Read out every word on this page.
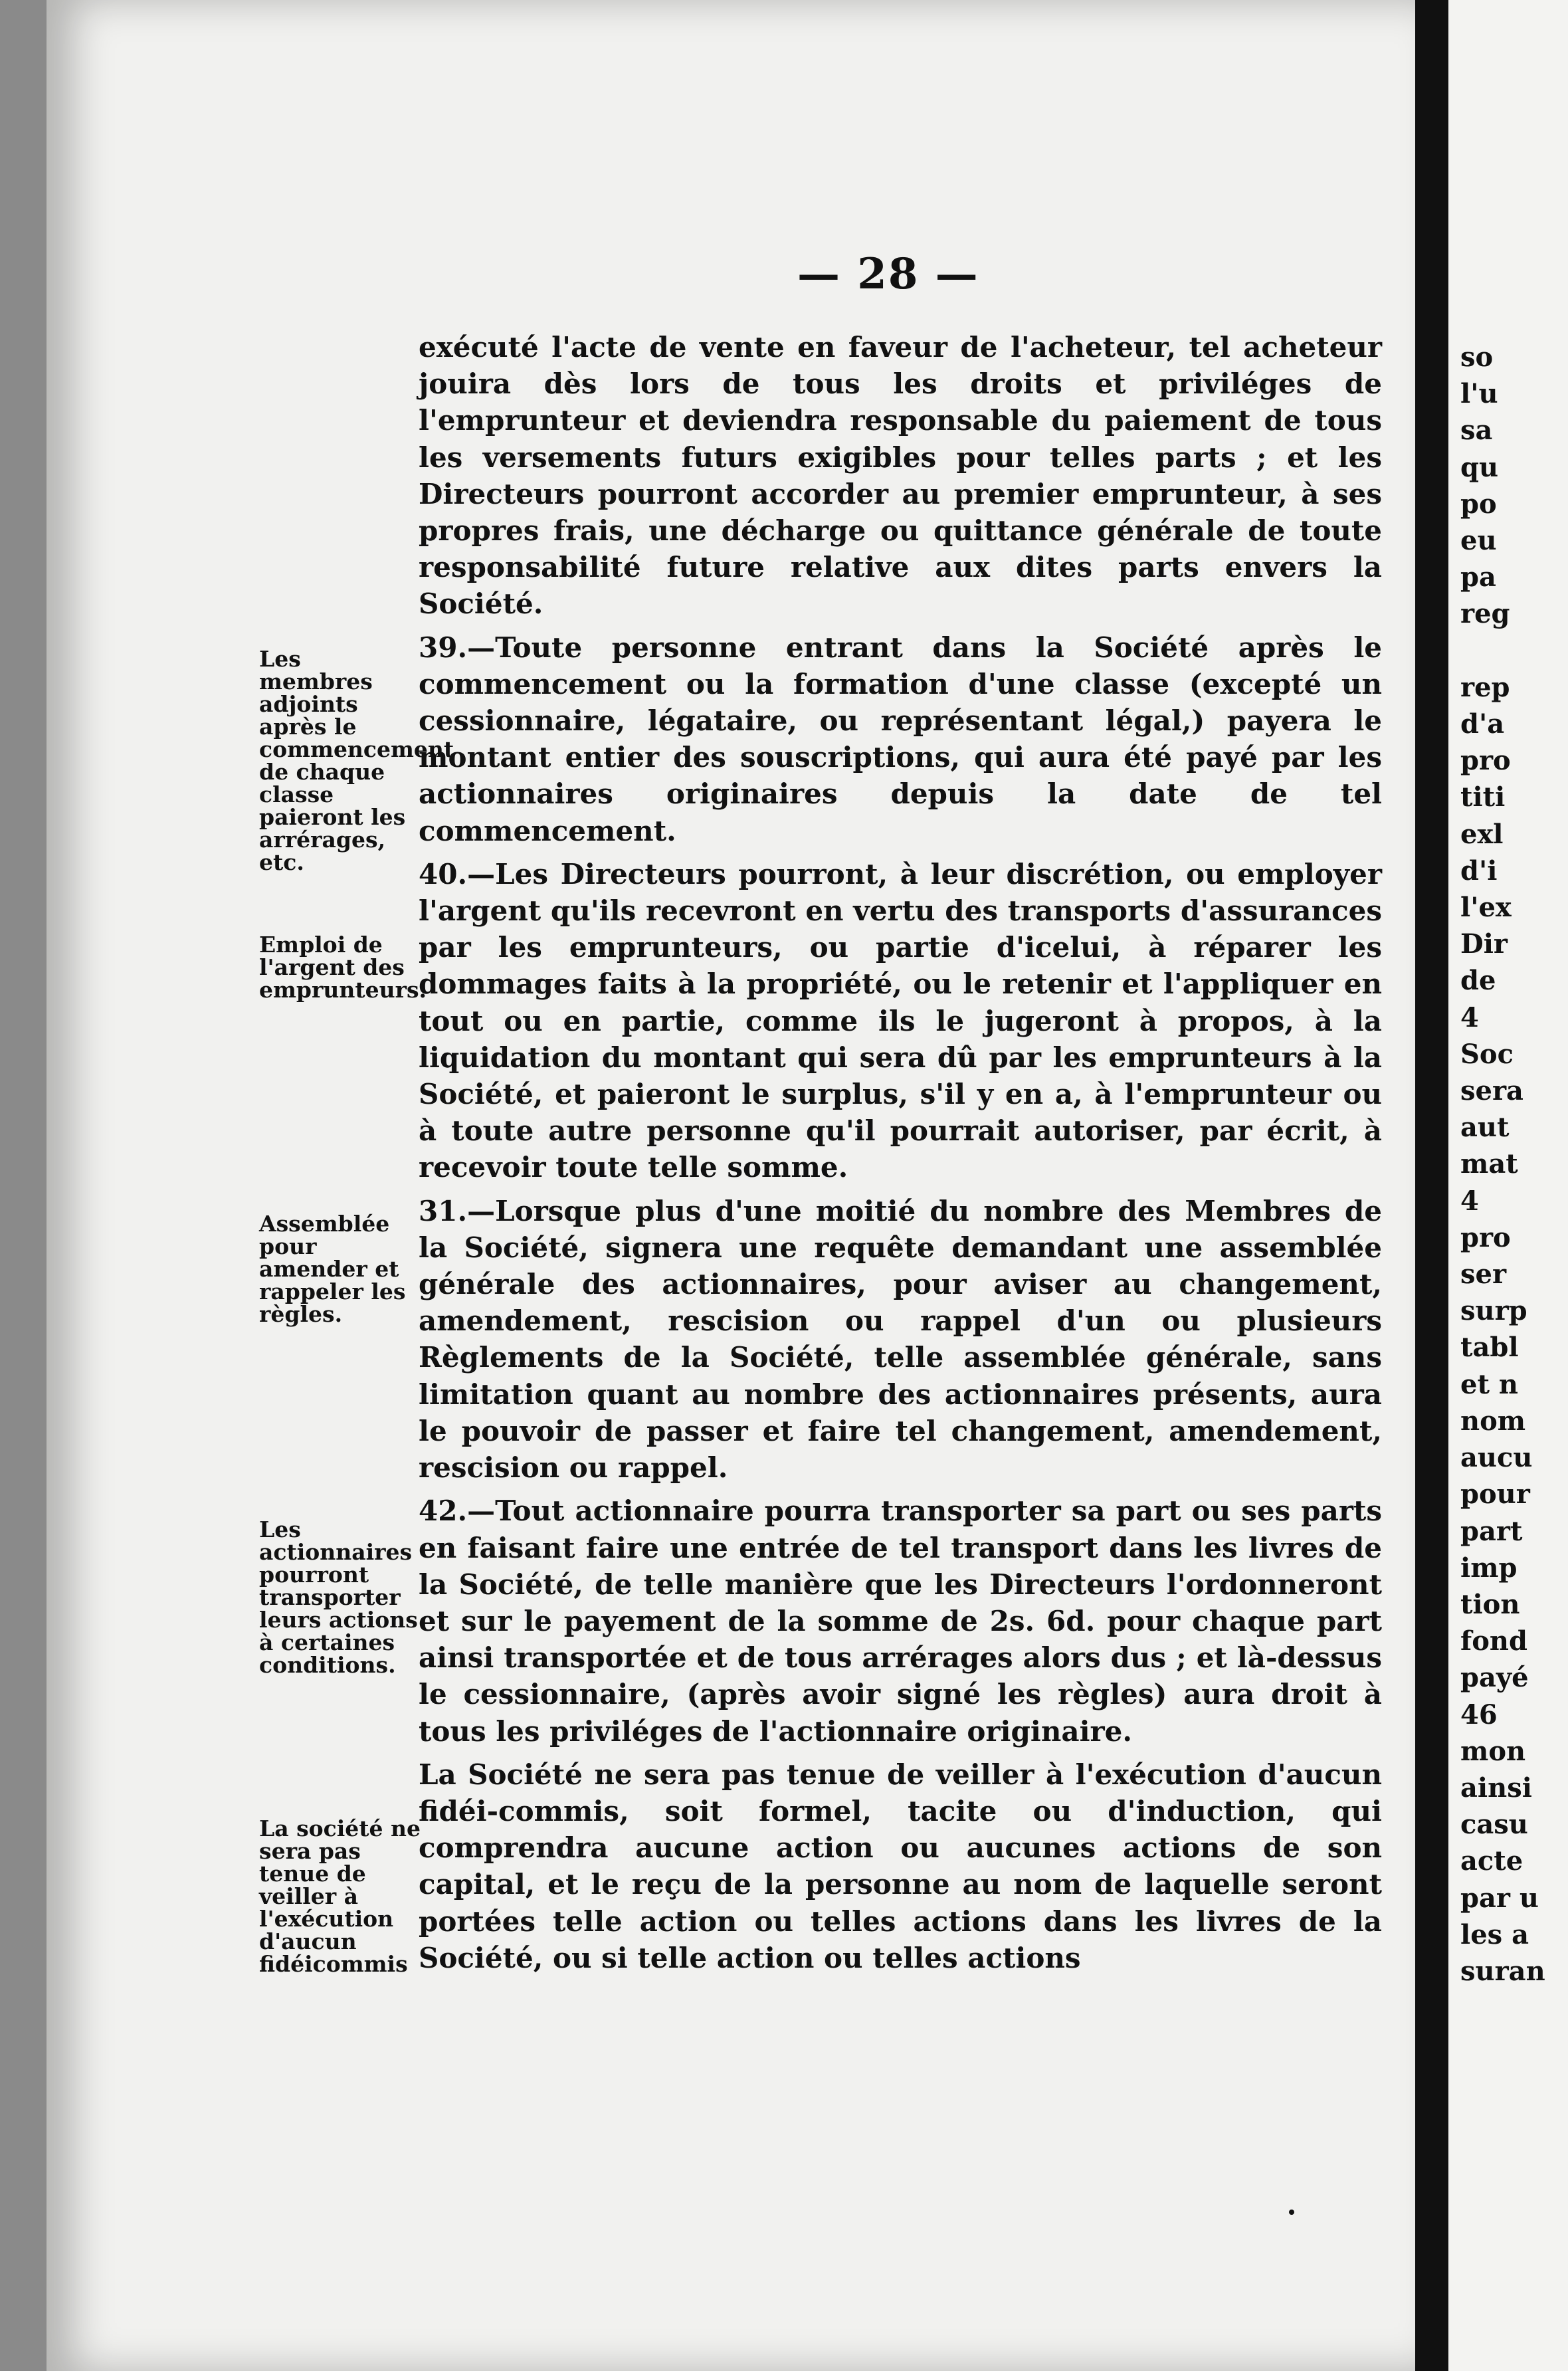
— 28 —

exécuté l'acte de vente en faveur de l'acheteur, tel acheteur jouira dès lors de tous les droits et priviléges de l'emprunteur et deviendra responsable du paiement de tous les versements futurs exigibles pour telles parts ; et les Directeurs pourront accorder au premier emprunteur, à ses propres frais, une décharge ou quittance générale de toute responsabilité future relative aux dites parts envers la Société.

39.—Toute personne entrant dans la Société après le commencement ou la formation d'une classe (excepté un cessionnaire, légataire, ou représentant légal,) payera le montant entier des souscriptions, qui aura été payé par les actionnaires originaires depuis la date de tel commencement.

40.—Les Directeurs pourront, à leur discrétion, ou employer l'argent qu'ils recevront en vertu des transports d'assurances par les emprunteurs, ou partie d'icelui, à réparer les dommages faits à la propriété, ou le retenir et l'appliquer en tout ou en partie, comme ils le jugeront à propos, à la liquidation du montant qui sera dû par les emprunteurs à la Société, et paieront le surplus, s'il y en a, à l'emprunteur ou à toute autre personne qu'il pourrait autoriser, par écrit, à recevoir toute telle somme.

31.—Lorsque plus d'une moitié du nombre des Membres de la Société, signera une requête demandant une assemblée générale des actionnaires, pour aviser au changement, amendement, rescision ou rappel d'un ou plusieurs Règlements de la Société, telle assemblée générale, sans limitation quant au nombre des actionnaires présents, aura le pouvoir de passer et faire tel changement, amendement, rescision ou rappel.

42.—Tout actionnaire pourra transporter sa part ou ses parts en faisant faire une entrée de tel transport dans les livres de la Société, de telle manière que les Directeurs l'ordonneront et sur le payement de la somme de 2s. 6d. pour chaque part ainsi transportée et de tous arrérages alors dus ; et là-dessus le cessionnaire, (après avoir signé les règles) aura droit à tous les priviléges de l'actionnaire originaire.

La Société ne sera pas tenue de veiller à l'exécution d'aucun fidéi-commis, soit formel, tacite ou d'induction, qui comprendra aucune action ou aucunes actions de son capital, et le reçu de la personne au nom de laquelle seront portées telle action ou telles actions dans les livres de la Société, ou si telle action ou telles actions

Les membres adjoints après le commencement de chaque classe paieront les arrérages, etc.
Emploi de l'argent des emprunteurs.
Assemblée pour amender et rappeler les règles.
Les actionnaires pourront transporter leurs actions à certaines conditions.
La société ne sera pas tenue de veiller à l'exécution d'aucun fidéicommis
so
l'u
sa
qu
po
eu
pa
reg

rep
d'a
pro
titi
exl
d'i
l'ex
Dir
de
4
Soc
sera
aut
mat
4
pro
ser
surp
tabl
et n
nom
aucu
pour
part
imp
tion
fond
payé
46
mon
ainsi
casu
acte
par u
les a
suran
